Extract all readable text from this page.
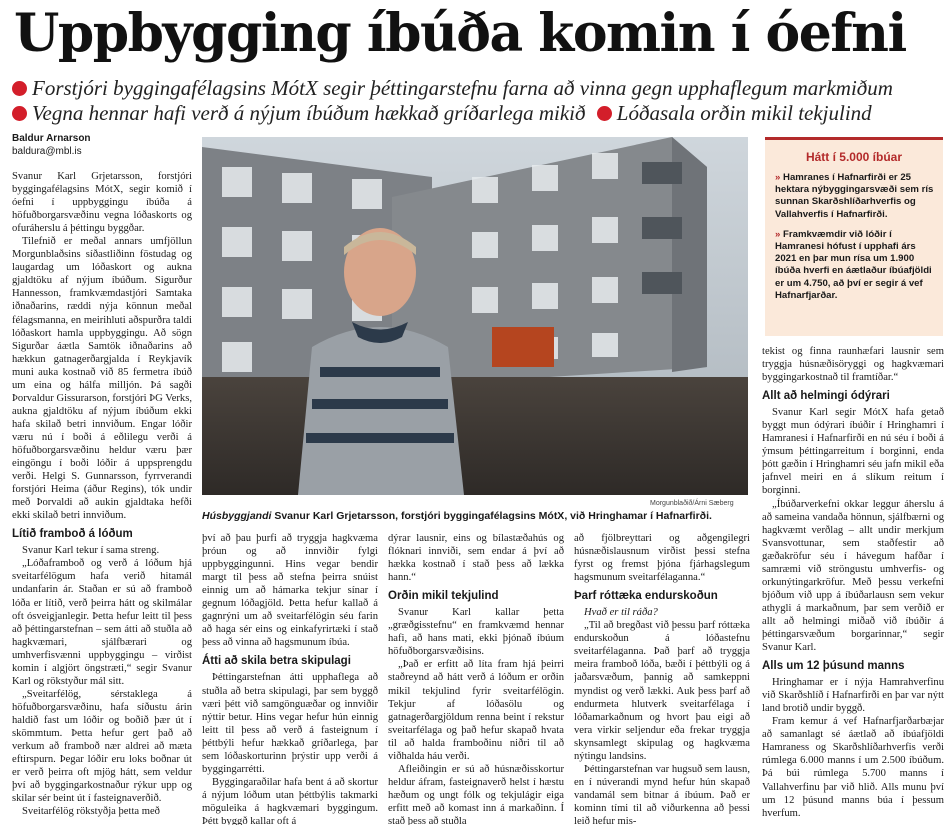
Uppbygging íbúða komin í óefni
Forstjóri byggingafélagsins MótX segir þéttingarstefnu farna að vinna gegn upphaflegum markmiðum
Vegna hennar hafi verð á nýjum íbúðum hækkað gríðarlega mikið Lóðasala orðin mikil tekjulind
Baldur Arnarson
baldura@mbl.is

Svanur Karl Grjetarsson, forstjóri byggingafélagsins MótX, segir komið í óefni í uppbyggingu íbúða á höfuðborgarsvæðinu vegna lóðaskorts og ofuráherslu á þéttingu byggðar.

Tilefnið er meðal annars umfjöllun Morgunblaðsins síðastliðinn föstudag og laugardag um lóðaskort og aukna gjaldtöku af nýjum íbúðum. Sigurður Hannesson, framkvæmdastjóri Samtaka iðnaðarins, ræddi nýja könnun meðal félagsmanna, en meirihluti aðspurðra taldi lóðaskort hamla uppbyggingu. Að sögn Sigurðar áætla Samtök iðnaðarins að hækkun gatnagerðargjalda í Reykjavík muni auka kostnað við 85 fermetra íbúð um eina og hálfa milljón. Þá sagði Þorvaldur Gissurarson, forstjóri ÞG Verks, aukna gjaldtöku af nýjum íbúðum ekki hafa skilað betri innviðum. Engar lóðir væru nú í boði á eðlilegu verði á höfuðborgarsvæðinu heldur væru þær eingöngu í boði lóðir á uppsprengdu verði. Helgi S. Gunnarsson, fyrrverandi forstjóri Heima (áður Regins), tók undir með Þorvaldi að aukin gjaldtaka hefði ekki skilað betri innviðum.

Lítið framboð á lóðum

Svanur Karl tekur í sama streng.

„Lóðaframboð og verð á lóðum hjá sveitarfélögum hafa verið hitamál undanfarin ár. Staðan er sú að framboð lóða er lítið, verð þeirra hátt og skilmálar oft ósveigjanlegir. Þetta hefur leitt til þess að þéttingarstefnan – sem átti að stuðla að hagkvæmari, sjálfbærari og umhverfisvænni uppbyggingu – virðist komin í algjört öngstræti,“ segir Svanur Karl og rökstyður mál sitt.

„Sveitarfélög, sérstaklega á höfuðborgarsvæðinu, hafa síðustu árin haldið fast um lóðir og boðið þær út í skömmtum. Þetta hefur gert það að verkum að framboð nær aldrei að mæta eftirspurn. Þegar lóðir eru loks boðnar út er verð þeirra oft mjög hátt, sem veldur því að byggingarkostnaður rýkur upp og skilar sér beint út í fasteignaverðið.

Sveitarfélög rökstyðja þetta með

Morgunblaðið/Árni Sæberg
Húsbyggjandi Svanur Karl Grjetarsson, forstjóri byggingafélagsins MótX, við Hringhamar í Hafnarfirði.
Hátt í 5.000 íbúar
» Hamranes í Hafnarfirði er 25 hektara nýbyggingarsvæði sem rís sunnan Skarðshlíðarhverfis og Vallahverfis í Hafnarfirði.
» Framkvæmdir við lóðir í Hamranesi hófust í upphafi árs 2021 en þar mun rísa um 1.900 íbúða hverfi en áætlaður íbúafjöldi er um 4.750, að því er segir á vef Hafnarfjarðar.

því að þau þurfi að tryggja hagkvæma þróun og að innviðir fylgi uppbyggingunni. Hins vegar bendir margt til þess að stefna þeirra snúist einnig um að hámarka tekjur sínar í gegnum lóðagjöld. Þetta hefur kallað á gagnrýni um að sveitarfélögin séu farin að haga sér eins og einkafyrirtæki í stað þess að vinna að hagsmunum íbúa.

Átti að skila betra skipulagi

Þéttingarstefnan átti upphaflega að stuðla að betra skipulagi, þar sem byggð væri þétt við samgönguæðar og innviðir nýttir betur. Hins vegar hefur hún einnig leitt til þess að verð á fasteignum í þéttbýli hefur hækkað gríðarlega, þar sem lóðaskorturinn þrýstir upp verði á byggingarrétti.

Byggingaraðilar hafa bent á að skortur á nýjum lóðum utan þéttbýlis takmarki möguleika á hagkvæmari byggingum. Þétt byggð kallar oft á

dýrar lausnir, eins og bílastæðahús og flóknari innviði, sem endar á því að hækka kostnað í stað þess að lækka hann.“

Orðin mikil tekjulind

Svanur Karl kallar þetta „græðgisstefnu“ en framkvæmd hennar hafi, að hans mati, ekki þjónað íbúum höfuðborgarsvæðisins.

„Það er erfitt að líta fram hjá þeirri staðreynd að hátt verð á lóðum er orðin mikil tekjulind fyrir sveitarfélögin. Tekjur af lóðasölu og gatnagerðargjöldum renna beint í rekstur sveitarfélaga og það hefur skapað hvata til að halda framboðinu niðri til að viðhalda háu verði.

Afleiðingin er sú að húsnæðisskortur heldur áfram, fasteignaverð helst í hæstu hæðum og ungt fólk og tekjulágir eiga erfitt með að komast inn á markaðinn. Í stað þess að stuðla

að fjölbreyttari og aðgengilegri húsnæðislausnum virðist þessi stefna fyrst og fremst þjóna fjárhagslegum hagsmunum sveitarfélaganna.“

Þarf róttæka endurskoðun

Hvað er til ráða?

„Til að bregðast við þessu þarf róttæka endurskoðun á lóðastefnu sveitarfélaganna. Það þarf að tryggja meira framboð lóða, bæði í þéttbýli og á jaðarsvæðum, þannig að samkeppni myndist og verð lækki. Auk þess þarf að endurmeta hlutverk sveitarfélaga í lóðamarkaðnum og hvort þau eigi að vera virkir seljendur eða frekar tryggja skynsamlegt skipulag og hagkvæma nýtingu landsins.

Þéttingarstefnan var hugsuð sem lausn, en í núverandi mynd hefur hún skapað vandamál sem bitnar á íbúum. Það er kominn tími til að viðurkenna að þessi leið hefur mis-

tekist og finna raunhæfari lausnir sem tryggja húsnæðisöryggi og hagkvæmari byggingarkostnað til framtíðar.“

Allt að helmingi ódýrari

Svanur Karl segir MótX hafa getað byggt mun ódýrari íbúðir í Hringhamri í Hamranesi í Hafnarfirði en nú séu í boði á ýmsum þéttingarreitum í borginni, enda þótt gæðin í Hringhamri séu jafn mikil eða jafnvel meiri en á slíkum reitum í borginni.

„Íbúðarverkefni okkar leggur áherslu á að sameina vandaða hönnun, sjálfbærni og hagkvæmt verðlag – allt undir merkjum Svansvottunar, sem staðfestir að gæðakröfur séu í hávegum hafðar í samræmi við ströngustu umhverfis- og orkunýtingarkröfur. Með þessu verkefni bjóðum við upp á íbúðarlausn sem vekur athygli á markaðnum, þar sem verðið er allt að helmingi miðað við íbúðir á þéttingarsvæðum borgarinnar,“ segir Svanur Karl.

Alls um 12 þúsund manns

Hringhamar er í nýja Hamrahverfinu við Skarðshlíð í Hafnarfirði en þar var nýtt land brotið undir byggð.

Fram kemur á vef Hafnarfjarðarbæjar að samanlagt sé áætlað að íbúafjöldi Hamraness og Skarðshlíðarhverfis verði rúmlega 6.000 manns í um 2.500 íbúðum. Þá búi rúmlega 5.700 manns í Vallahverfinu þar við hlið. Alls munu því um 12 þúsund manns búa í þessum hverfum.
